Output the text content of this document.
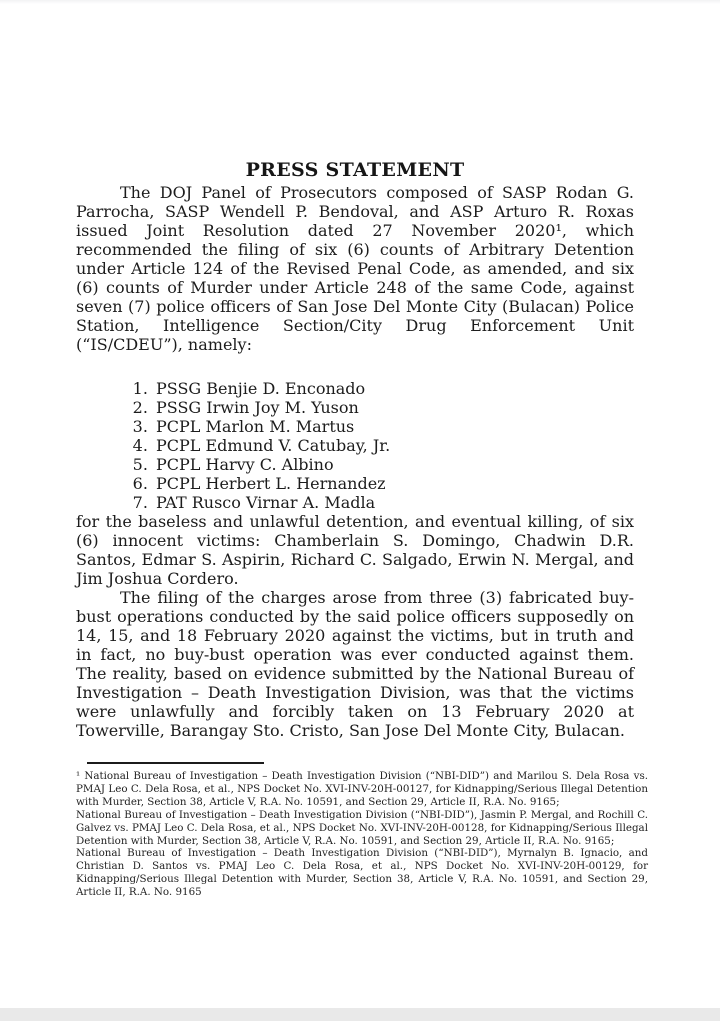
PRESS STATEMENT

The DOJ Panel of Prosecutors composed of SASP Rodan G. Parrocha, SASP Wendell P. Bendoval, and ASP Arturo R. Roxas issued Joint Resolution dated 27 November 2020¹, which recommended the filing of six (6) counts of Arbitrary Detention under Article 124 of the Revised Penal Code, as amended, and six (6) counts of Murder under Article 248 of the same Code, against seven (7) police officers of San Jose Del Monte City (Bulacan) Police Station, Intelligence Section/City Drug Enforcement Unit (“IS/CDEU”), namely:

1. PSSG Benjie D. Enconado
2. PSSG Irwin Joy M. Yuson
3. PCPL Marlon M. Martus
4. PCPL Edmund V. Catubay, Jr.
5. PCPL Harvy C. Albino
6. PCPL Herbert L. Hernandez
7. PAT Rusco Virnar A. Madla

for the baseless and unlawful detention, and eventual killing, of six (6) innocent victims: Chamberlain S. Domingo, Chadwin D.R. Santos, Edmar S. Aspirin, Richard C. Salgado, Erwin N. Mergal, and Jim Joshua Cordero.

The filing of the charges arose from three (3) fabricated buy-bust operations conducted by the said police officers supposedly on 14, 15, and 18 February 2020 against the victims, but in truth and in fact, no buy-bust operation was ever conducted against them. The reality, based on evidence submitted by the National Bureau of Investigation – Death Investigation Division, was that the victims were unlawfully and forcibly taken on 13 February 2020 at Towerville, Barangay Sto. Cristo, San Jose Del Monte City, Bulacan.

¹ National Bureau of Investigation – Death Investigation Division (“NBI-DID”) and Marilou S. Dela Rosa vs. PMAJ Leo C. Dela Rosa, et al., NPS Docket No. XVI-INV-20H-00127, for Kidnapping/Serious Illegal Detention with Murder, Section 38, Article V, R.A. No. 10591, and Section 29, Article II, R.A. No. 9165;

National Bureau of Investigation – Death Investigation Division (“NBI-DID”), Jasmin P. Mergal, and Rochill C. Galvez vs. PMAJ Leo C. Dela Rosa, et al., NPS Docket No. XVI-INV-20H-00128, for Kidnapping/Serious Illegal Detention with Murder, Section 38, Article V, R.A. No. 10591, and Section 29, Article II, R.A. No. 9165;

National Bureau of Investigation – Death Investigation Division (“NBI-DID”), Myrnalyn B. Ignacio, and Christian D. Santos vs. PMAJ Leo C. Dela Rosa, et al., NPS Docket No. XVI-INV-20H-00129, for Kidnapping/Serious Illegal Detention with Murder, Section 38, Article V, R.A. No. 10591, and Section 29, Article II, R.A. No. 9165
